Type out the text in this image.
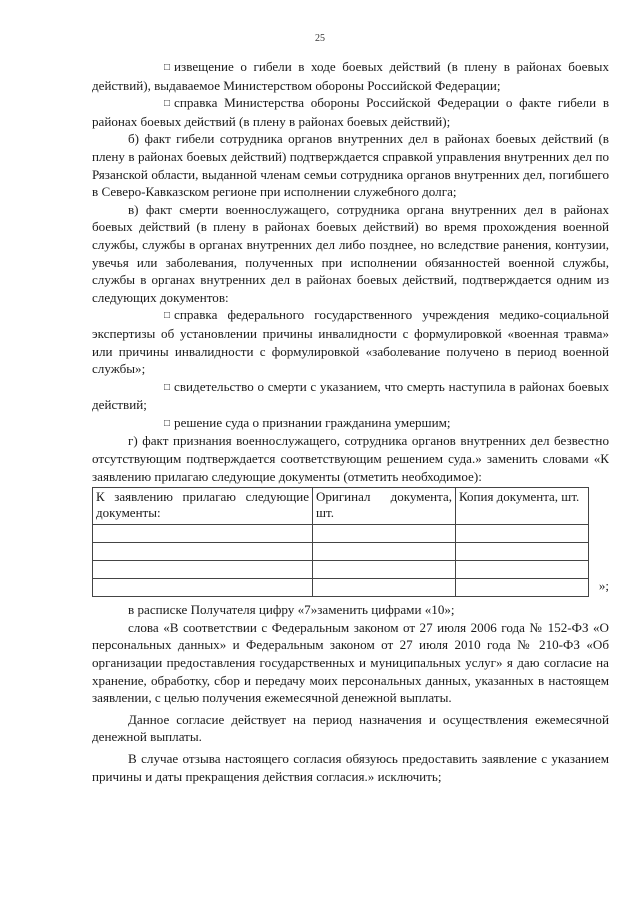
25

□ извещение о гибели в ходе боевых действий (в плену в районах боевых действий), выдаваемое Министерством обороны Российской Федерации;

□ справка Министерства обороны Российской Федерации о факте гибели в районах боевых действий (в плену в районах боевых действий);

б) факт гибели сотрудника органов внутренних дел в районах боевых действий (в плену в районах боевых действий) подтверждается справкой управления внутренних дел по Рязанской области, выданной членам семьи сотрудника органов внутренних дел, погибшего в Северо-Кавказском регионе при исполнении служебного долга;

в) факт смерти военнослужащего, сотрудника органа внутренних дел в районах боевых действий (в плену в районах боевых действий) во время прохождения военной службы, службы в органах внутренних дел либо позднее, но вследствие ранения, контузии, увечья или заболевания, полученных при исполнении обязанностей военной службы, службы в органах внутренних дел в районах боевых действий, подтверждается одним из следующих документов:

□ справка федерального государственного учреждения медико-социальной экспертизы об установлении причины инвалидности с формулировкой «военная травма» или причины инвалидности с формулировкой «заболевание получено в период военной службы»;

□ свидетельство о смерти с указанием, что смерть наступила в районах боевых действий;

□ решение суда о признании гражданина умершим;

г) факт признания военнослужащего, сотрудника органов внутренних дел безвестно отсутствующим подтверждается соответствующим решением суда.» заменить словами «К заявлению прилагаю следующие документы (отметить необходимое):

К заявлению прилагаю следующие документы:	Оригинал документа, шт.	Копия документа, шт.

»;

в расписке Получателя цифру «7»заменить цифрами «10»;

слова «В соответствии с Федеральным законом от 27 июля 2006 года № 152-ФЗ «О персональных данных» и Федеральным законом от 27 июля 2010 года № 210-ФЗ «Об организации предоставления государственных и муниципальных услуг» я даю согласие на хранение, обработку, сбор и передачу моих персональных данных, указанных в настоящем заявлении, с целью получения ежемесячной денежной выплаты.

Данное согласие действует на период назначения и осуществления ежемесячной денежной выплаты.

В случае отзыва настоящего согласия обязуюсь предоставить заявление с указанием причины и даты прекращения действия согласия.» исключить;
